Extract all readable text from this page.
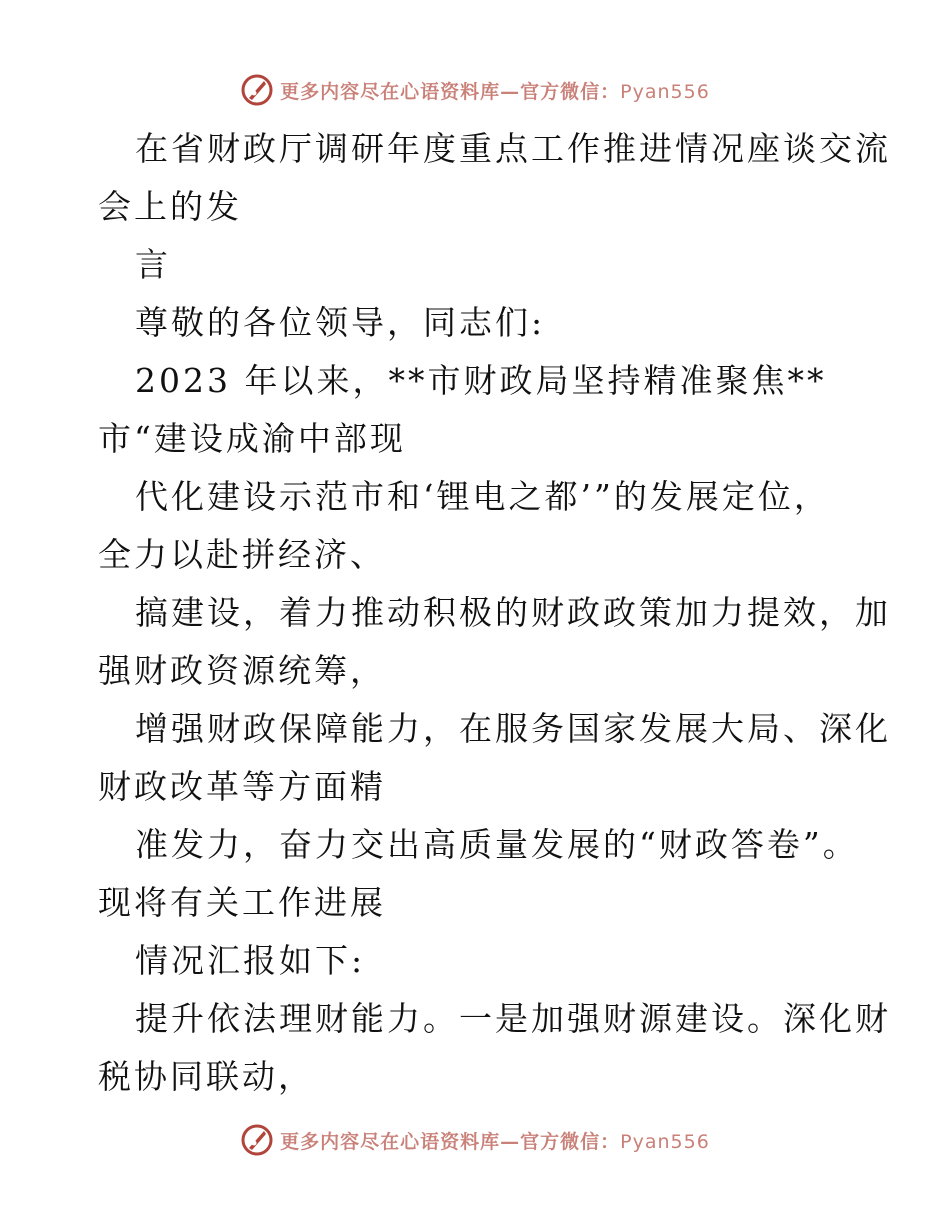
更多内容尽在心语资料库—官方微信：Pyan556
在省财政厅调研年度重点工作推进情况座谈交流
会上的发
言
尊敬的各位领导，同志们:
2023 年以来，**市财政局坚持精准聚焦**
市“建设成渝中部现
代化建设示范市和‘锂电之都’”的发展定位，
全力以赴拼经济、
搞建设，着力推动积极的财政政策加力提效，加
强财政资源统筹，
增强财政保障能力，在服务国家发展大局、深化
财政改革等方面精
准发力，奋力交出高质量发展的“财政答卷”。
现将有关工作进展
情况汇报如下:
提升依法理财能力。一是加强财源建设。深化财
税协同联动，
更多内容尽在心语资料库—官方微信：Pyan556
